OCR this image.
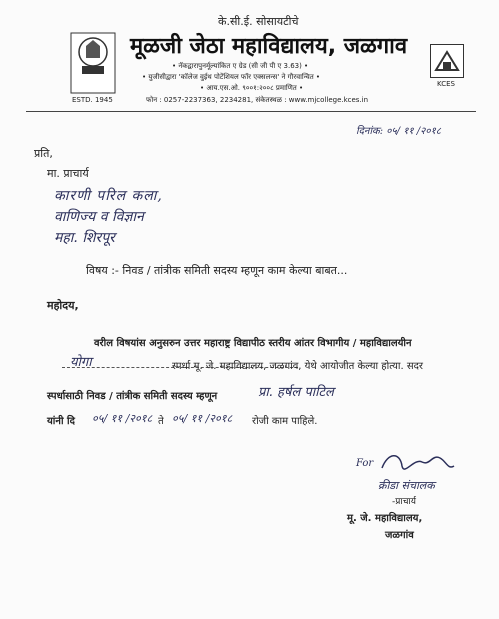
ESTD. 1945
के.सी.ई. सोसायटीचे
मूळजी जेठा महाविद्यालय, जळगाव
• नॅकद्वारापुनर्मूल्यांकित ए ग्रेड (सी जी पी ए 3.63) •
• युजीसीद्वारा 'कॉलेज वुईथ पोटेंशियल फॉर एक्सलन्स' ने गौरवान्वित •
• आय.एस.ओ. ९००१:२००८ प्रमाणित •
फोन : 0257-2237363, 2234281, संकेतस्थळ : www.mjcollege.kces.in
KCES
दिनांक: ०५/ ११ /२०१८
प्रति,
मा. प्राचार्य
कारणी परिल कला,
वाणिज्य व विज्ञान
महा. शिरपूर
विषय :- निवड / तांत्रीक समिती सदस्य म्हणून काम केल्या बाबत...
महोदय,
वरील विषयांस अनुसरुन उत्तर महाराष्ट्र विद्यापीठ स्तरीय आंतर विभागीय / महाविद्यालयीन
योगा	स्पर्धा मू. जे. महाविद्यालय, जळगांव, येथे आयोजीत केल्या होत्या. सदर
स्पर्धासाठी निवड / तांत्रीक समिती सदस्य म्हणून	प्रा. हर्षल पाटिल
यांनी दि ०५/ ११ /२०१८ ते ०५/ ११ /२०१८ रोजी काम पाहिले.
For
क्रीडा संचालक
-प्राचार्य
मू. जे. महाविद्यालय,
जळगांव
